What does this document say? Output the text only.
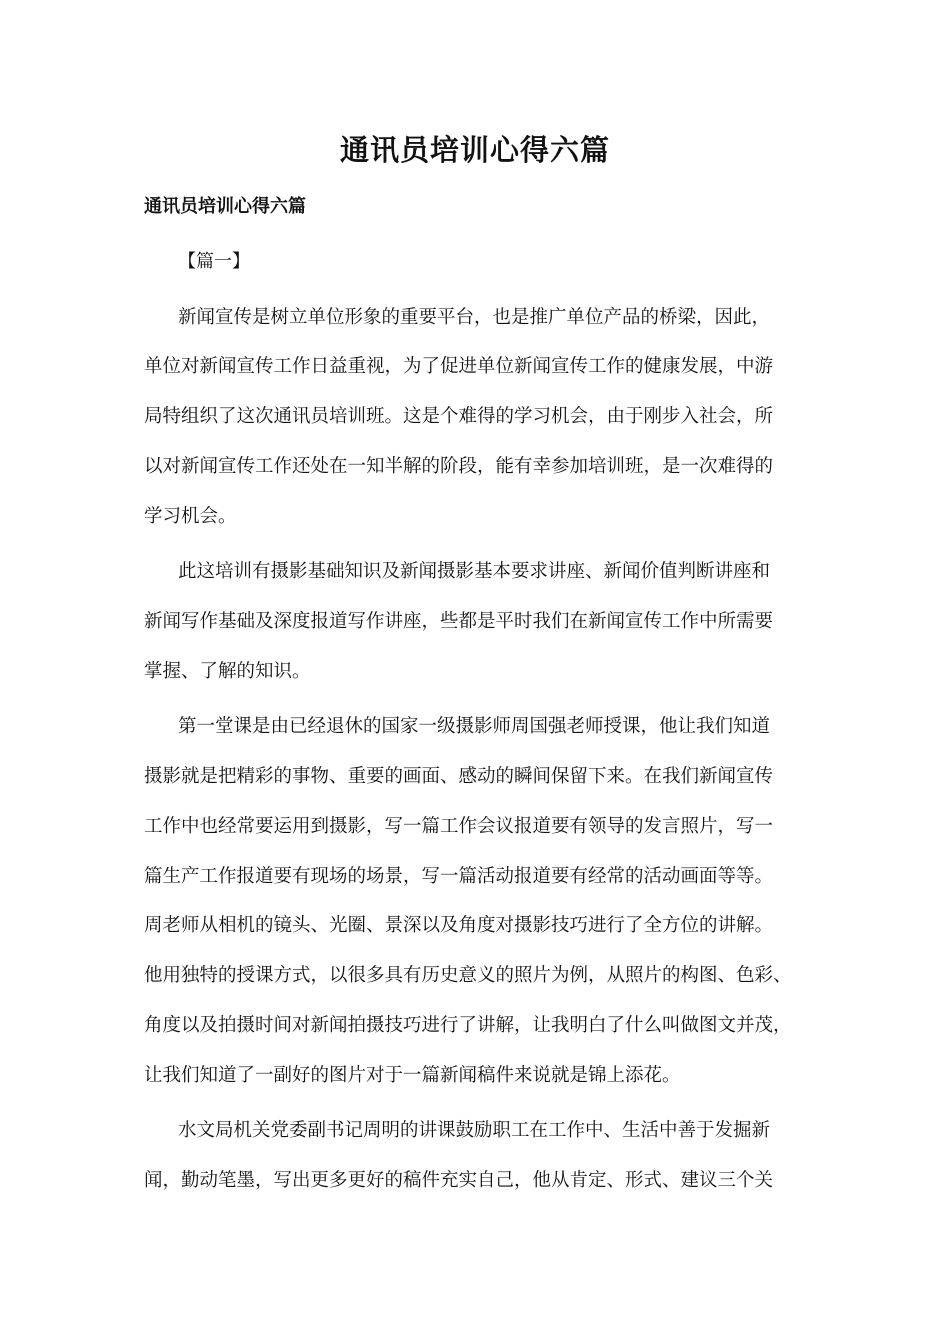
通讯员培训心得六篇
通讯员培训心得六篇
【篇一】
新闻宣传是树立单位形象的重要平台，也是推广单位产品的桥梁，因此，
单位对新闻宣传工作日益重视，为了促进单位新闻宣传工作的健康发展，中游
局特组织了这次通讯员培训班。这是个难得的学习机会，由于刚步入社会，所
以对新闻宣传工作还处在一知半解的阶段，能有幸参加培训班，是一次难得的
学习机会。
此这培训有摄影基础知识及新闻摄影基本要求讲座、新闻价值判断讲座和
新闻写作基础及深度报道写作讲座，些都是平时我们在新闻宣传工作中所需要
掌握、了解的知识。
第一堂课是由已经退休的国家一级摄影师周国强老师授课，他让我们知道
摄影就是把精彩的事物、重要的画面、感动的瞬间保留下来。在我们新闻宣传
工作中也经常要运用到摄影，写一篇工作会议报道要有领导的发言照片，写一
篇生产工作报道要有现场的场景，写一篇活动报道要有经常的活动画面等等。
周老师从相机的镜头、光圈、景深以及角度对摄影技巧进行了全方位的讲解。
他用独特的授课方式，以很多具有历史意义的照片为例，从照片的构图、色彩、
角度以及拍摄时间对新闻拍摄技巧进行了讲解，让我明白了什么叫做图文并茂，
让我们知道了一副好的图片对于一篇新闻稿件来说就是锦上添花。
水文局机关党委副书记周明的讲课鼓励职工在工作中、生活中善于发掘新
闻，勤动笔墨，写出更多更好的稿件充实自己，他从肯定、形式、建议三个关
